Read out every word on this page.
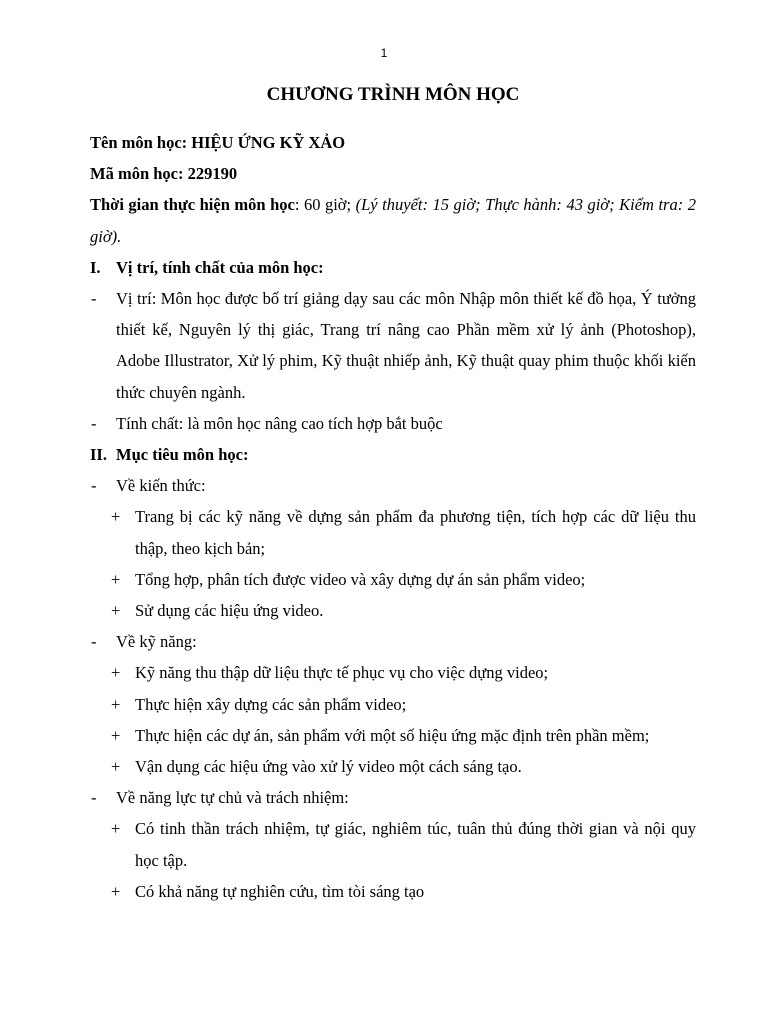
1
CHƯƠNG TRÌNH MÔN HỌC

Tên môn học: HIỆU ỨNG KỸ XẢO

Mã môn học: 229190

Thời gian thực hiện môn học: 60 giờ; (Lý thuyết: 15 giờ; Thực hành: 43 giờ; Kiểm tra: 2 giờ).

I. Vị trí, tính chất của môn học:
-	Vị trí: Môn học được bố trí giảng dạy sau các môn Nhập môn thiết kế đồ họa, Ý tưởng thiết kế, Nguyên lý thị giác, Trang trí nâng cao Phần mềm xử lý ảnh (Photoshop), Adobe Illustrator, Xử lý phim, Kỹ thuật nhiếp ảnh, Kỹ thuật quay phim thuộc khối kiến thức chuyên ngành.
-	Tính chất: là môn học nâng cao tích hợp bắt buộc
II. Mục tiêu môn học:
-	Về kiến thức:
+ Trang bị các kỹ năng về dựng sản phẩm đa phương tiện, tích hợp các dữ liệu thu thập, theo kịch bản;
+ Tổng hợp, phân tích được video và xây dựng dự án sản phẩm video;
+ Sử dụng các hiệu ứng video.
-	Về kỹ năng:
+ Kỹ năng thu thập dữ liệu thực tế phục vụ cho việc dựng video;
+ Thực hiện xây dựng các sản phẩm video;
+ Thực hiện các dự án, sản phẩm với một số hiệu ứng mặc định trên phần mềm;
+ Vận dụng các hiệu ứng vào xử lý video một cách sáng tạo.
-	Về năng lực tự chủ và trách nhiệm:
+ Có tinh thần trách nhiệm, tự giác, nghiêm túc, tuân thủ đúng thời gian và nội quy học tập.
+ Có khả năng tự nghiên cứu, tìm tòi sáng tạo
